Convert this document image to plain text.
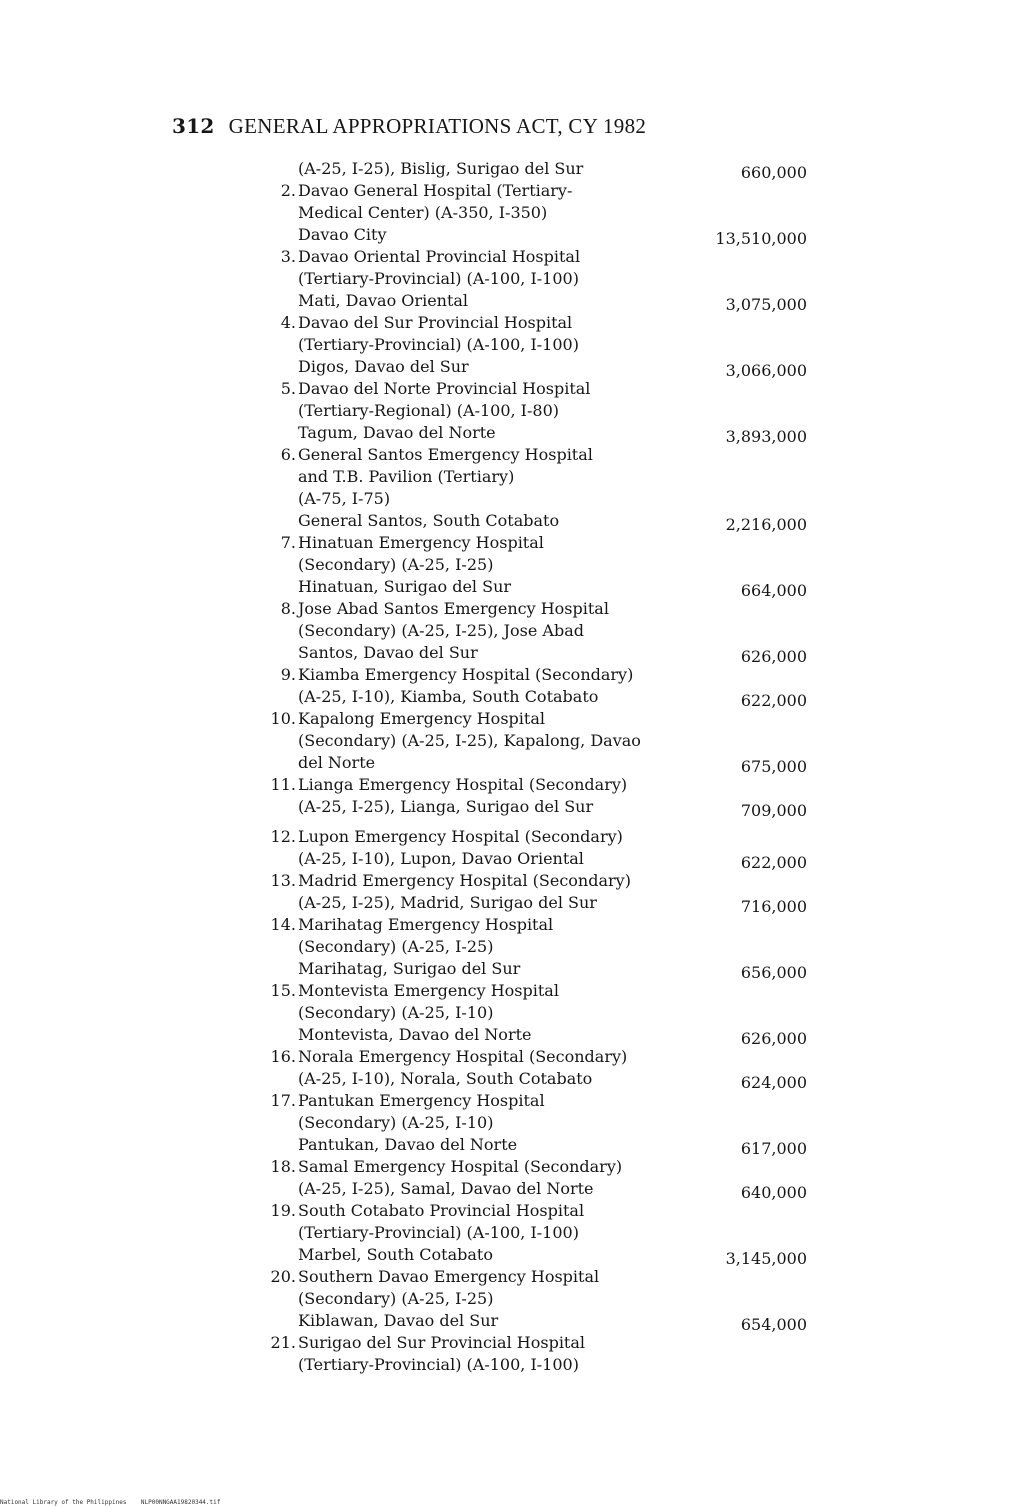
312 GENERAL APPROPRIATIONS ACT, CY 1982
(A-25, I-25), Bislig, Surigao del Sur	660,000
2. Davao General Hospital (Tertiary-
Medical Center) (A-350, I-350)
Davao City	13,510,000
3. Davao Oriental Provincial Hospital
(Tertiary-Provincial) (A-100, I-100)
Mati, Davao Oriental	3,075,000
4. Davao del Sur Provincial Hospital
(Tertiary-Provincial) (A-100, I-100)
Digos, Davao del Sur	3,066,000
5. Davao del Norte Provincial Hospital
(Tertiary-Regional) (A-100, I-80)
Tagum, Davao del Norte	3,893,000
6. General Santos Emergency Hospital
and T.B. Pavilion (Tertiary)
(A-75, I-75)
General Santos, South Cotabato	2,216,000
7. Hinatuan Emergency Hospital
(Secondary) (A-25, I-25)
Hinatuan, Surigao del Sur	664,000
8. Jose Abad Santos Emergency Hospital
(Secondary) (A-25, I-25), Jose Abad
Santos, Davao del Sur	626,000
9. Kiamba Emergency Hospital (Secondary)
(A-25, I-10), Kiamba, South Cotabato	622,000
10. Kapalong Emergency Hospital
(Secondary) (A-25, I-25), Kapalong, Davao
del Norte	675,000
11. Lianga Emergency Hospital (Secondary)
(A-25, I-25), Lianga, Surigao del Sur	709,000
12. Lupon Emergency Hospital (Secondary)
(A-25, I-10), Lupon, Davao Oriental	622,000
13. Madrid Emergency Hospital (Secondary)
(A-25, I-25), Madrid, Surigao del Sur	716,000
14. Marihatag Emergency Hospital
(Secondary) (A-25, I-25)
Marihatag, Surigao del Sur	656,000
15. Montevista Emergency Hospital
(Secondary) (A-25, I-10)
Montevista, Davao del Norte	626,000
16. Norala Emergency Hospital (Secondary)
(A-25, I-10), Norala, South Cotabato	624,000
17. Pantukan Emergency Hospital
(Secondary) (A-25, I-10)
Pantukan, Davao del Norte	617,000
18. Samal Emergency Hospital (Secondary)
(A-25, I-25), Samal, Davao del Norte	640,000
19. South Cotabato Provincial Hospital
(Tertiary-Provincial) (A-100, I-100)
Marbel, South Cotabato	3,145,000
20. Southern Davao Emergency Hospital
(Secondary) (A-25, I-25)
Kiblawan, Davao del Sur	654,000
21. Surigao del Sur Provincial Hospital
(Tertiary-Provincial) (A-100, I-100)
National Library of the Philippines NLP00NNGAA19820344.tif
